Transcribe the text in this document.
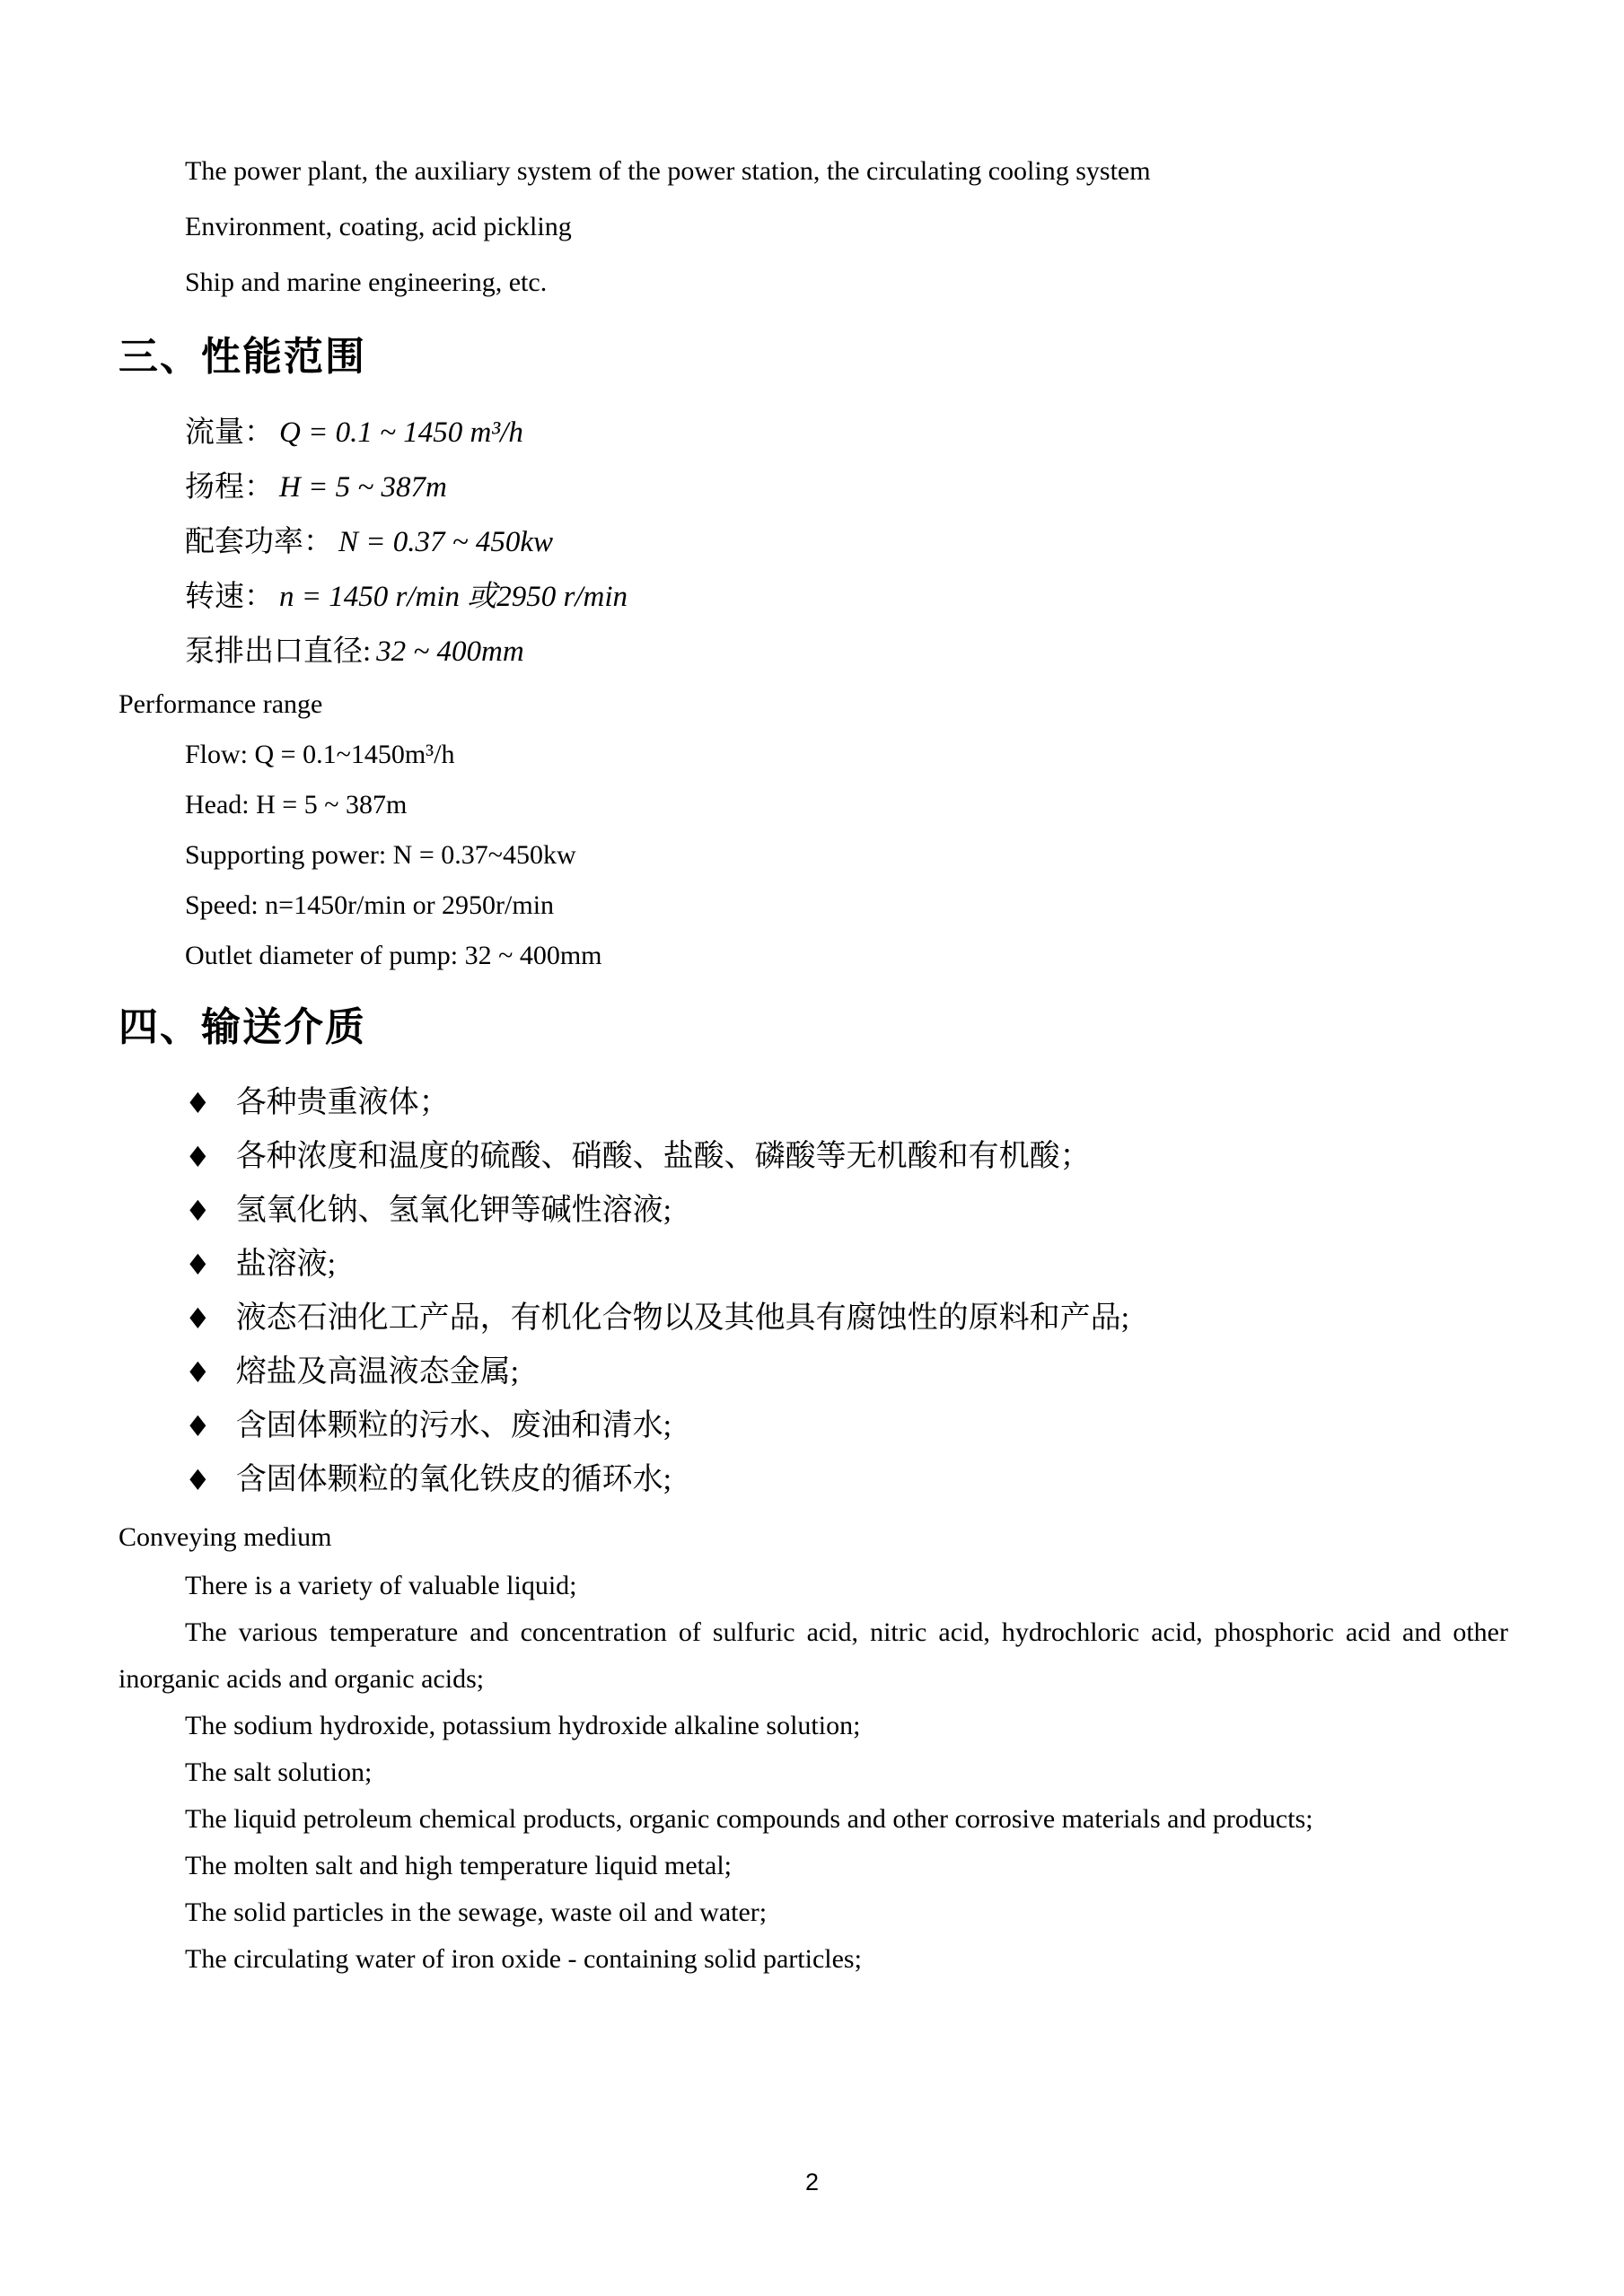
The power plant, the auxiliary system of the power station, the circulating cooling system

Environment, coating, acid pickling

Ship and marine engineering, etc.

三、性能范围

流量： Q = 0.1 ~ 1450 m³/h

扬程： H = 5 ~ 387m

配套功率： N = 0.37 ~ 450kw

转速： n = 1450 r/min 或2950 r/min

泵排出口直径: 32 ~ 400mm

Performance range

Flow: Q = 0.1~1450m³/h

Head: H = 5 ~ 387m

Supporting power: N = 0.37~450kw

Speed: n=1450r/min or 2950r/min

Outlet diameter of pump: 32 ~ 400mm

四、输送介质

♦ 各种贵重液体；

♦ 各种浓度和温度的硫酸、硝酸、盐酸、磷酸等无机酸和有机酸；

♦ 氢氧化钠、氢氧化钾等碱性溶液;

♦ 盐溶液;

♦ 液态石油化工产品，有机化合物以及其他具有腐蚀性的原料和产品;

♦ 熔盐及高温液态金属;

♦ 含固体颗粒的污水、废油和清水;

♦ 含固体颗粒的氧化铁皮的循环水;

Conveying medium

There is a variety of valuable liquid;

The various temperature and concentration of sulfuric acid, nitric acid, hydrochloric acid, phosphoric acid and other inorganic acids and organic acids;

The sodium hydroxide, potassium hydroxide alkaline solution;

The salt solution;

The liquid petroleum chemical products, organic compounds and other corrosive materials and products;

The molten salt and high temperature liquid metal;

The solid particles in the sewage, waste oil and water;

The circulating water of iron oxide - containing solid particles;

2
